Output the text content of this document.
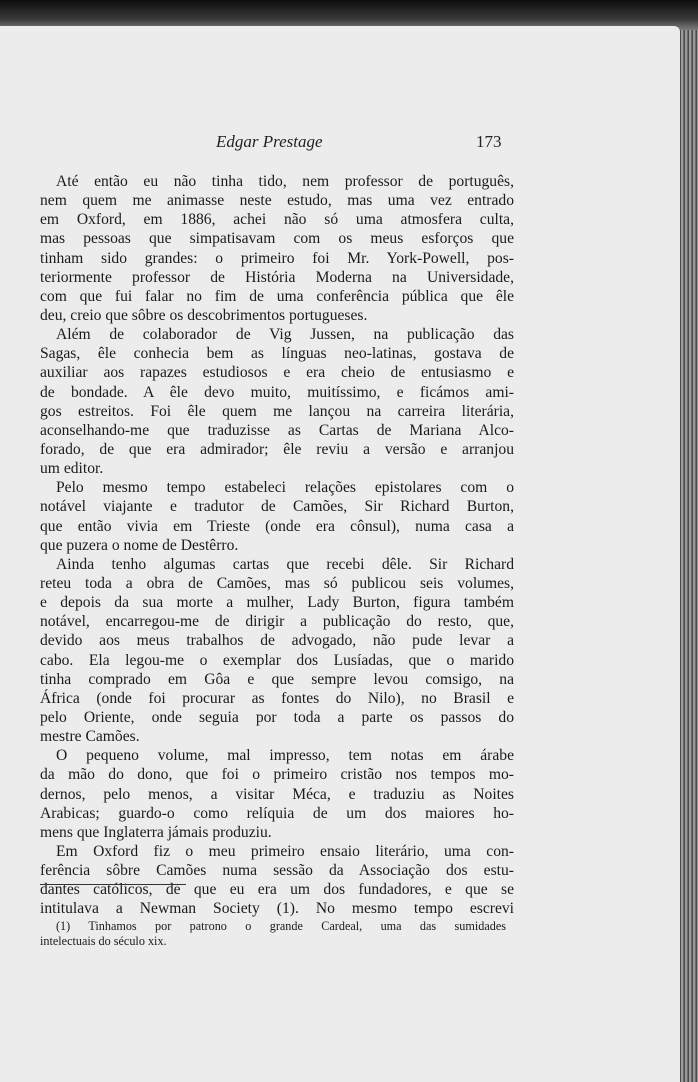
Edgar Prestage	173
Até então eu não tinha tido, nem professor de português,
nem quem me animasse neste estudo, mas uma vez entrado
em Oxford, em 1886, achei não só uma atmosfera culta,
mas pessoas que simpatisavam com os meus esforços que
tinham sido grandes: o primeiro foi Mr. York-Powell, pos-
teriormente professor de História Moderna na Universidade,
com que fui falar no fim de uma conferência pública que êle
deu, creio que sôbre os descobrimentos portugueses.
Além de colaborador de Vig Jussen, na publicação das
Sagas, êle conhecia bem as línguas neo-latinas, gostava de
auxiliar aos rapazes estudiosos e era cheio de entusiasmo e
de bondade. A êle devo muito, muitíssimo, e ficámos ami-
gos estreitos. Foi êle quem me lançou na carreira literária,
aconselhando-me que traduzisse as Cartas de Mariana Alco-
forado, de que era admirador; êle reviu a versão e arranjou
um editor.
Pelo mesmo tempo estabeleci relações epistolares com o
notável viajante e tradutor de Camões, Sir Richard Burton,
que então vivia em Trieste (onde era cônsul), numa casa a
que puzera o nome de Destêrro.
Ainda tenho algumas cartas que recebi dêle. Sir Richard
reteu toda a obra de Camões, mas só publicou seis volumes,
e depois da sua morte a mulher, Lady Burton, figura também
notável, encarregou-me de dirigir a publicação do resto, que,
devido aos meus trabalhos de advogado, não pude levar a
cabo. Ela legou-me o exemplar dos Lusíadas, que o marido
tinha comprado em Gôa e que sempre levou comsigo, na
África (onde foi procurar as fontes do Nilo), no Brasil e
pelo Oriente, onde seguia por toda a parte os passos do
mestre Camões.
O pequeno volume, mal impresso, tem notas em árabe
da mão do dono, que foi o primeiro cristão nos tempos mo-
dernos, pelo menos, a visitar Méca, e traduziu as Noites
Arabicas; guardo-o como relíquia de um dos maiores ho-
mens que Inglaterra jámais produziu.
Em Oxford fiz o meu primeiro ensaio literário, uma con-
ferência sôbre Camões numa sessão da Associação dos estu-
dantes católicos, de que eu era um dos fundadores, e que se
intitulava a Newman Society (1). No mesmo tempo escrevi
(1) Tinhamos por patrono o grande Cardeal, uma das sumidades
intelectuais do século xix.
